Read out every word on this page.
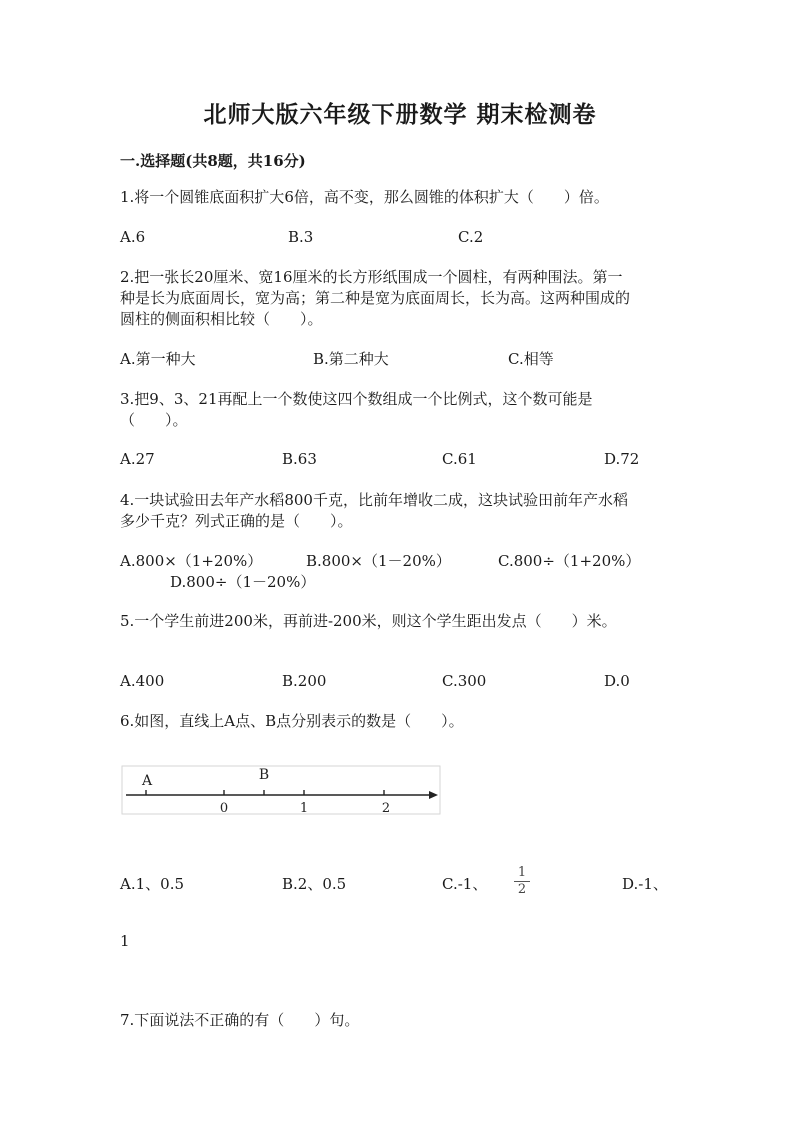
北师大版六年级下册数学 期末检测卷
一.选择题(共8题，共16分)
1.将一个圆锥底面积扩大6倍，高不变，那么圆锥的体积扩大（　　）倍。
A.6	B.3	C.2
2.把一张长20厘米、宽16厘米的长方形纸围成一个圆柱，有两种围法。第一
种是长为底面周长，宽为高；第二种是宽为底面周长，长为高。这两种围成的
圆柱的侧面积相比较（　　）。
A.第一种大	B.第二种大	C.相等
3.把9、3、21再配上一个数使这四个数组成一个比例式，这个数可能是
（　　）。
A.27	B.63	C.61	D.72
4.一块试验田去年产水稻800千克，比前年增收二成，这块试验田前年产水稻
多少千克？列式正确的是（　　）。
A.800×（1+20%）	B.800×（1－20%）	C.800÷（1+20%）
D.800÷（1－20%）
5.一个学生前进200米，再前进-200米，则这个学生距出发点（　　）米。
A.400	B.200	C.300	D.0
6.如图，直线上A点、B点分别表示的数是（　　）。
A	B
0	1	2
A.1、0.5	B.2、0.5	C.-1、
1
2	D.-1、
1
7.下面说法不正确的有（　　）句。
